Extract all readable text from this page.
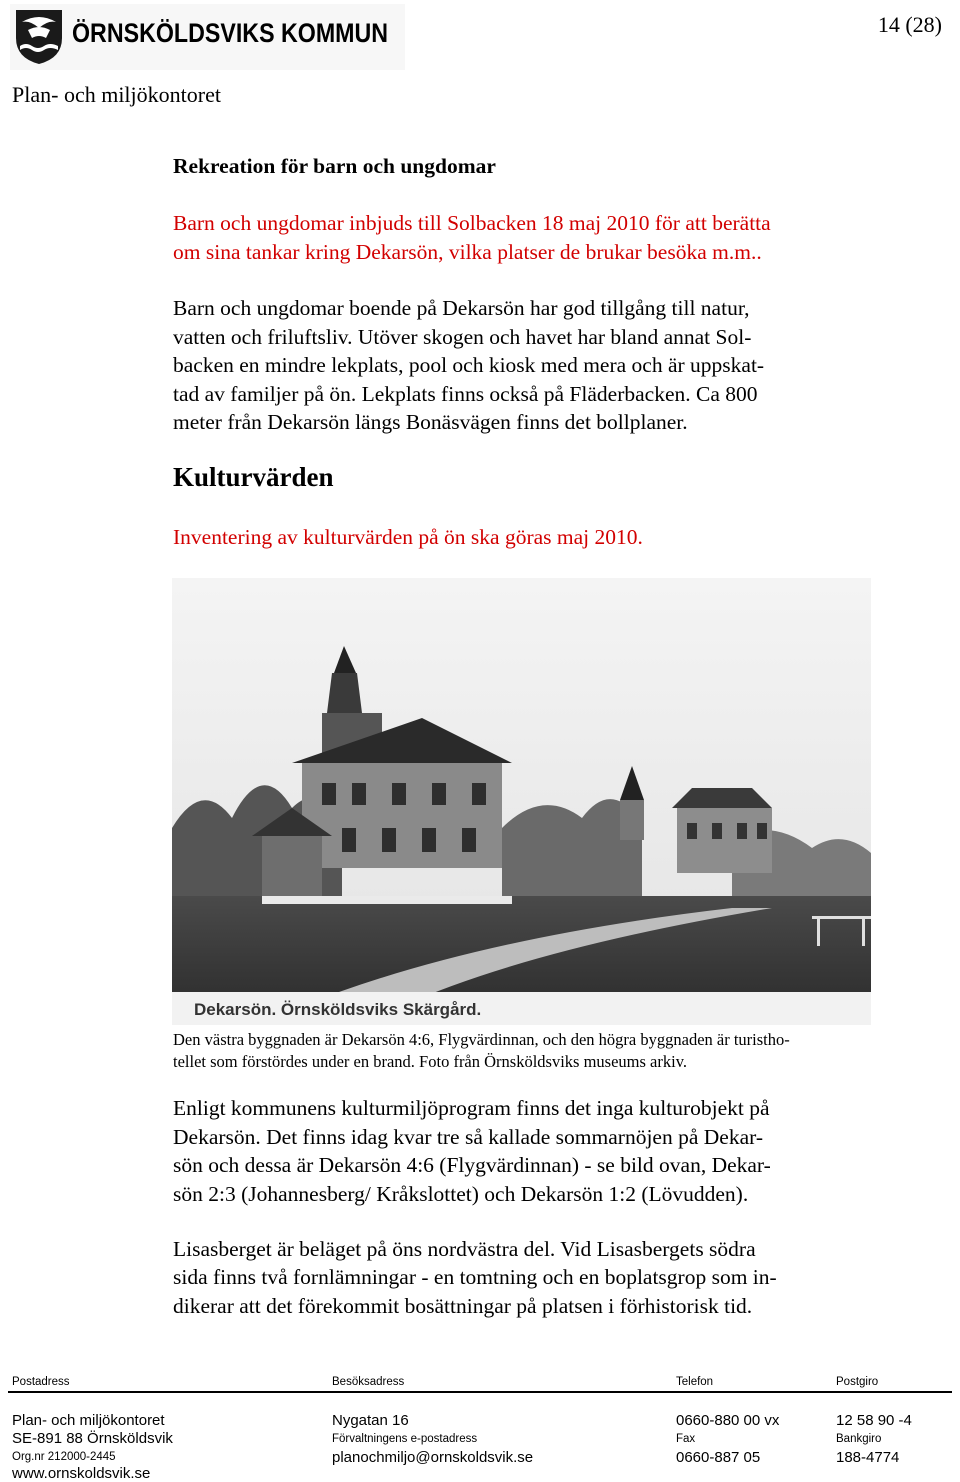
ÖRNSKÖLDSVIKS KOMMUN	14 (28)
Plan- och miljökontoret
Rekreation för barn och ungdomar
Barn och ungdomar inbjuds till Solbacken 18 maj 2010 för att berätta
om sina tankar kring Dekarsön, vilka platser de brukar besöka m.m..
Barn och ungdomar boende på Dekarsön har god tillgång till natur,
vatten och friluftsliv. Utöver skogen och havet har bland annat Sol-
backen en mindre lekplats, pool och kiosk med mera och är uppskat-
tad av familjer på ön. Lekplats finns också på Fläderbacken. Ca 800
meter från Dekarsön längs Bonäsvägen finns det bollplaner.
Kulturvärden
Inventering av kulturvärden på ön ska göras maj 2010.
Dekarsön. Örnsköldsviks Skärgård.
Den västra byggnaden är Dekarsön 4:6, Flygvärdinnan, och den högra byggnaden är turistho-
tellet som förstördes under en brand. Foto från Örnsköldsviks museums arkiv.
Enligt kommunens kulturmiljöprogram finns det inga kulturobjekt på
Dekarsön. Det finns idag kvar tre så kallade sommarnöjen på Dekar-
sön och dessa är Dekarsön 4:6 (Flygvärdinnan) - se bild ovan, Dekar-
sön 2:3 (Johannesberg/ Kråkslottet) och Dekarsön 1:2 (Lövudden).
Lisasberget är beläget på öns nordvästra del. Vid Lisasbergets södra
sida finns två fornlämningar - en tomtning och en boplatsgrop som in-
dikerar att det förekommit bosättningar på platsen i förhistorisk tid.
Postadress
Plan- och miljökontoret
SE-891 88 Örnsköldsvik
Org.nr 212000-2445
www.ornskoldsvik.se
Besöksadress
Nygatan 16
Förvaltningens e-postadress
planochmiljo@ornskoldsvik.se
Telefon
0660-880 00 vx
Fax
0660-887 05
Postgiro
12 58 90 -4
Bankgiro
188-4774
